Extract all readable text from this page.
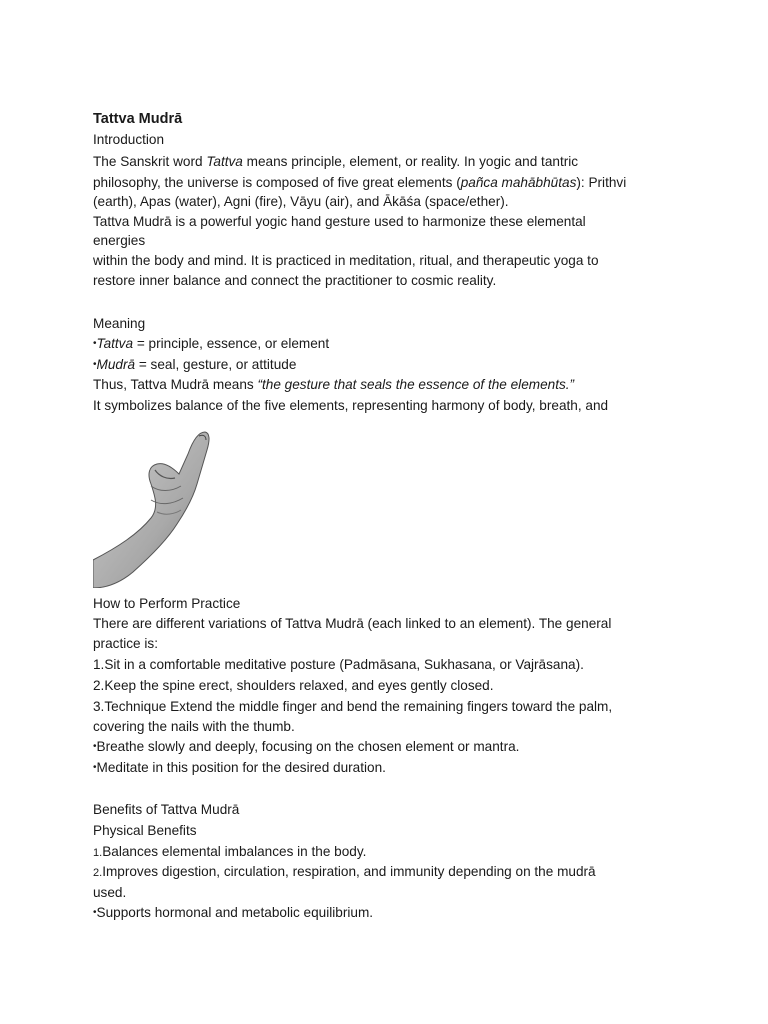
Tattva Mudrā
Introduction
The Sanskrit word Tattva means principle, element, or reality. In yogic and tantric
philosophy, the universe is composed of five great elements (pañca mahābhūtas): Prithvi
(earth), Apas (water), Agni (fire), Vāyu (air), and Ākāśa (space/ether).
Tattva Mudrā is a powerful yogic hand gesture used to harmonize these elemental
energies
within the body and mind. It is practiced in meditation, ritual, and therapeutic yoga to
restore inner balance and connect the practitioner to cosmic reality.
Meaning
•Tattva = principle, essence, or element
•Mudrā = seal, gesture, or attitude
Thus, Tattva Mudrā means “the gesture that seals the essence of the elements.”
It symbolizes balance of the five elements, representing harmony of body, breath, and
How to Perform Practice
There are different variations of Tattva Mudrā (each linked to an element). The general
practice is:
1.Sit in a comfortable meditative posture (Padmāsana, Sukhasana, or Vajrāsana).
2.Keep the spine erect, shoulders relaxed, and eyes gently closed.
3.Technique Extend the middle finger and bend the remaining fingers toward the palm,
covering the nails with the thumb.
•Breathe slowly and deeply, focusing on the chosen element or mantra.
•Meditate in this position for the desired duration.
Benefits of Tattva Mudrā
Physical Benefits
1.Balances elemental imbalances in the body.
2.Improves digestion, circulation, respiration, and immunity depending on the mudrā
used.
•Supports hormonal and metabolic equilibrium.
